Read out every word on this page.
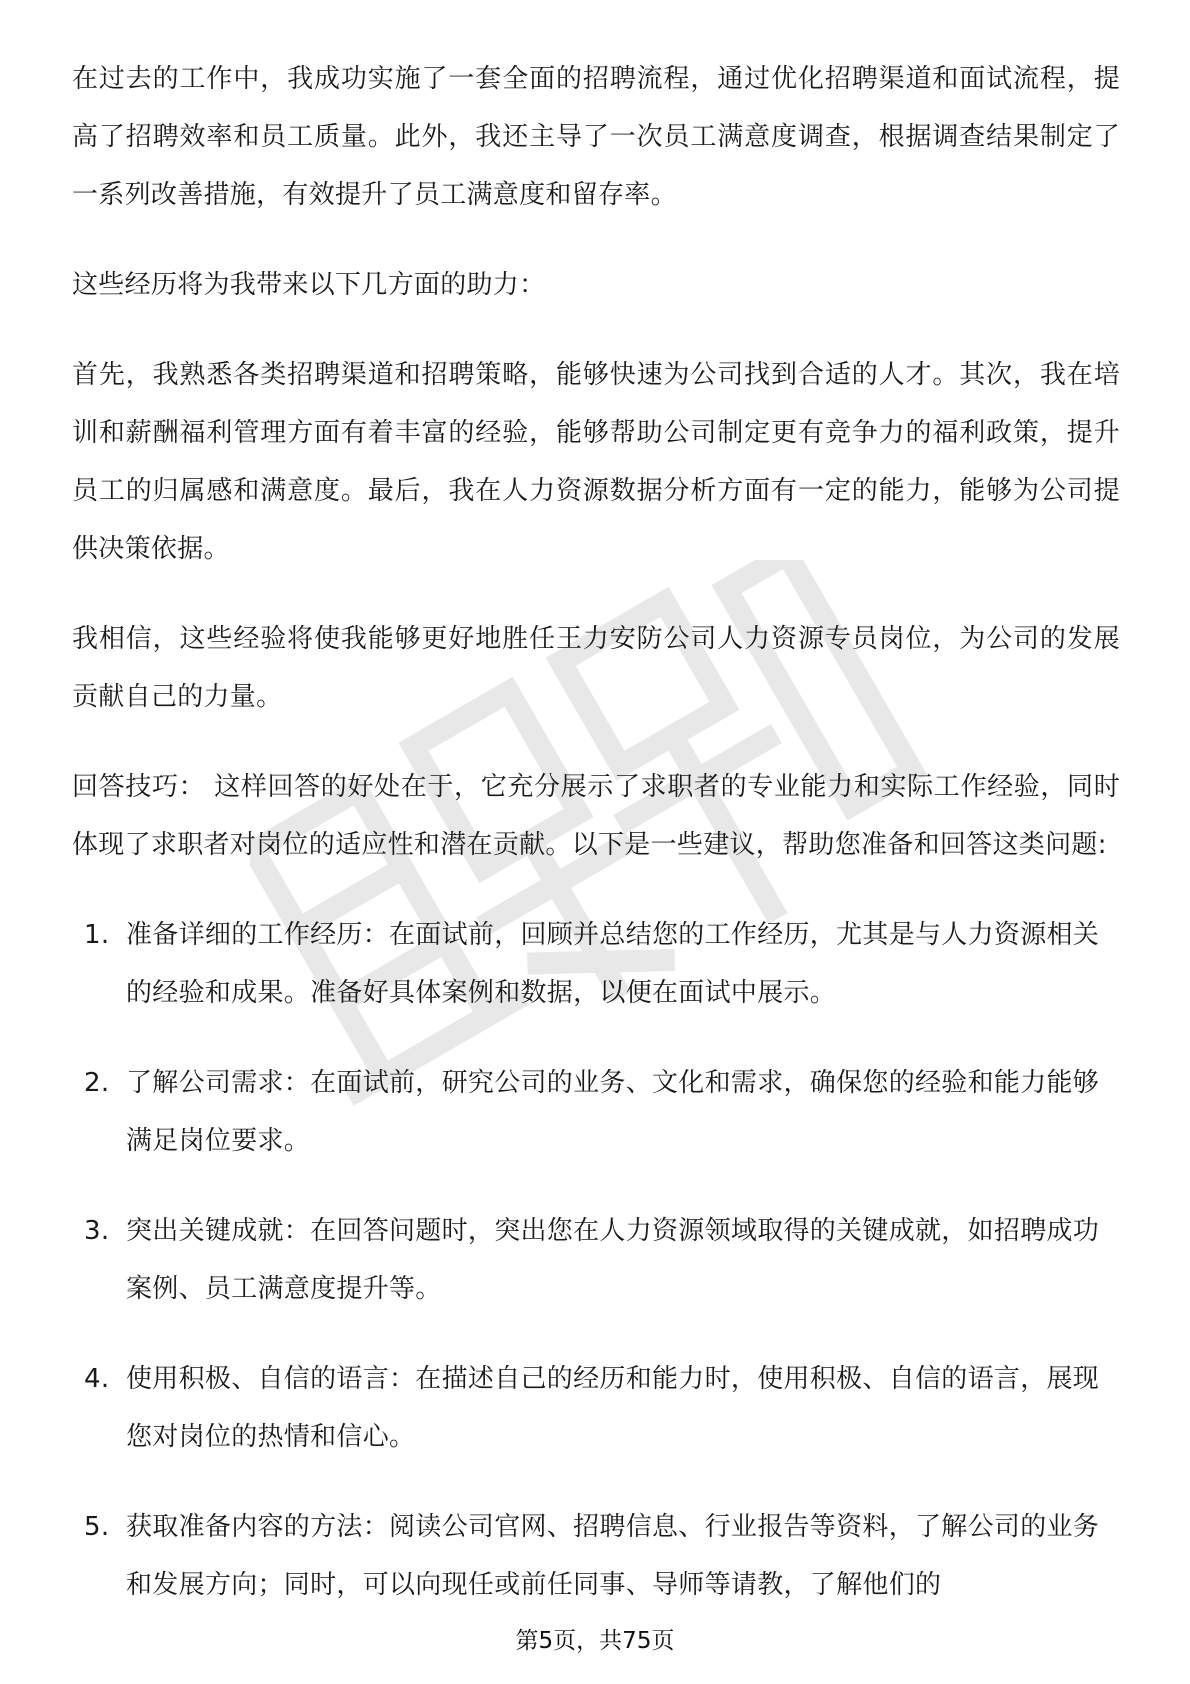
在过去的工作中，我成功实施了一套全面的招聘流程，通过优化招聘渠道和面试流程，提高了招聘效率和员工质量。此外，我还主导了一次员工满意度调查，根据调查结果制定了一系列改善措施，有效提升了员工满意度和留存率。

这些经历将为我带来以下几方面的助力：

首先，我熟悉各类招聘渠道和招聘策略，能够快速为公司找到合适的人才。其次，我在培训和薪酬福利管理方面有着丰富的经验，能够帮助公司制定更有竞争力的福利政策，提升员工的归属感和满意度。最后，我在人力资源数据分析方面有一定的能力，能够为公司提供决策依据。

我相信，这些经验将使我能够更好地胜任王力安防公司人力资源专员岗位，为公司的发展贡献自己的力量。

回答技巧： 这样回答的好处在于，它充分展示了求职者的专业能力和实际工作经验，同时体现了求职者对岗位的适应性和潜在贡献。以下是一些建议，帮助您准备和回答这类问题:

1. 准备详细的工作经历：在面试前，回顾并总结您的工作经历，尤其是与人力资源相关的经验和成果。准备好具体案例和数据，以便在面试中展示。
2. 了解公司需求：在面试前，研究公司的业务、文化和需求，确保您的经验和能力能够满足岗位要求。
3. 突出关键成就：在回答问题时，突出您在人力资源领域取得的关键成就，如招聘成功案例、员工满意度提升等。
4. 使用积极、自信的语言：在描述自己的经历和能力时，使用积极、自信的语言，展现您对岗位的热情和信心。
5. 获取准备内容的方法：阅读公司官网、招聘信息、行业报告等资料，了解公司的业务和发展方向；同时，可以向现任或前任同事、导师等请教，了解他们的
第5页，共75页
